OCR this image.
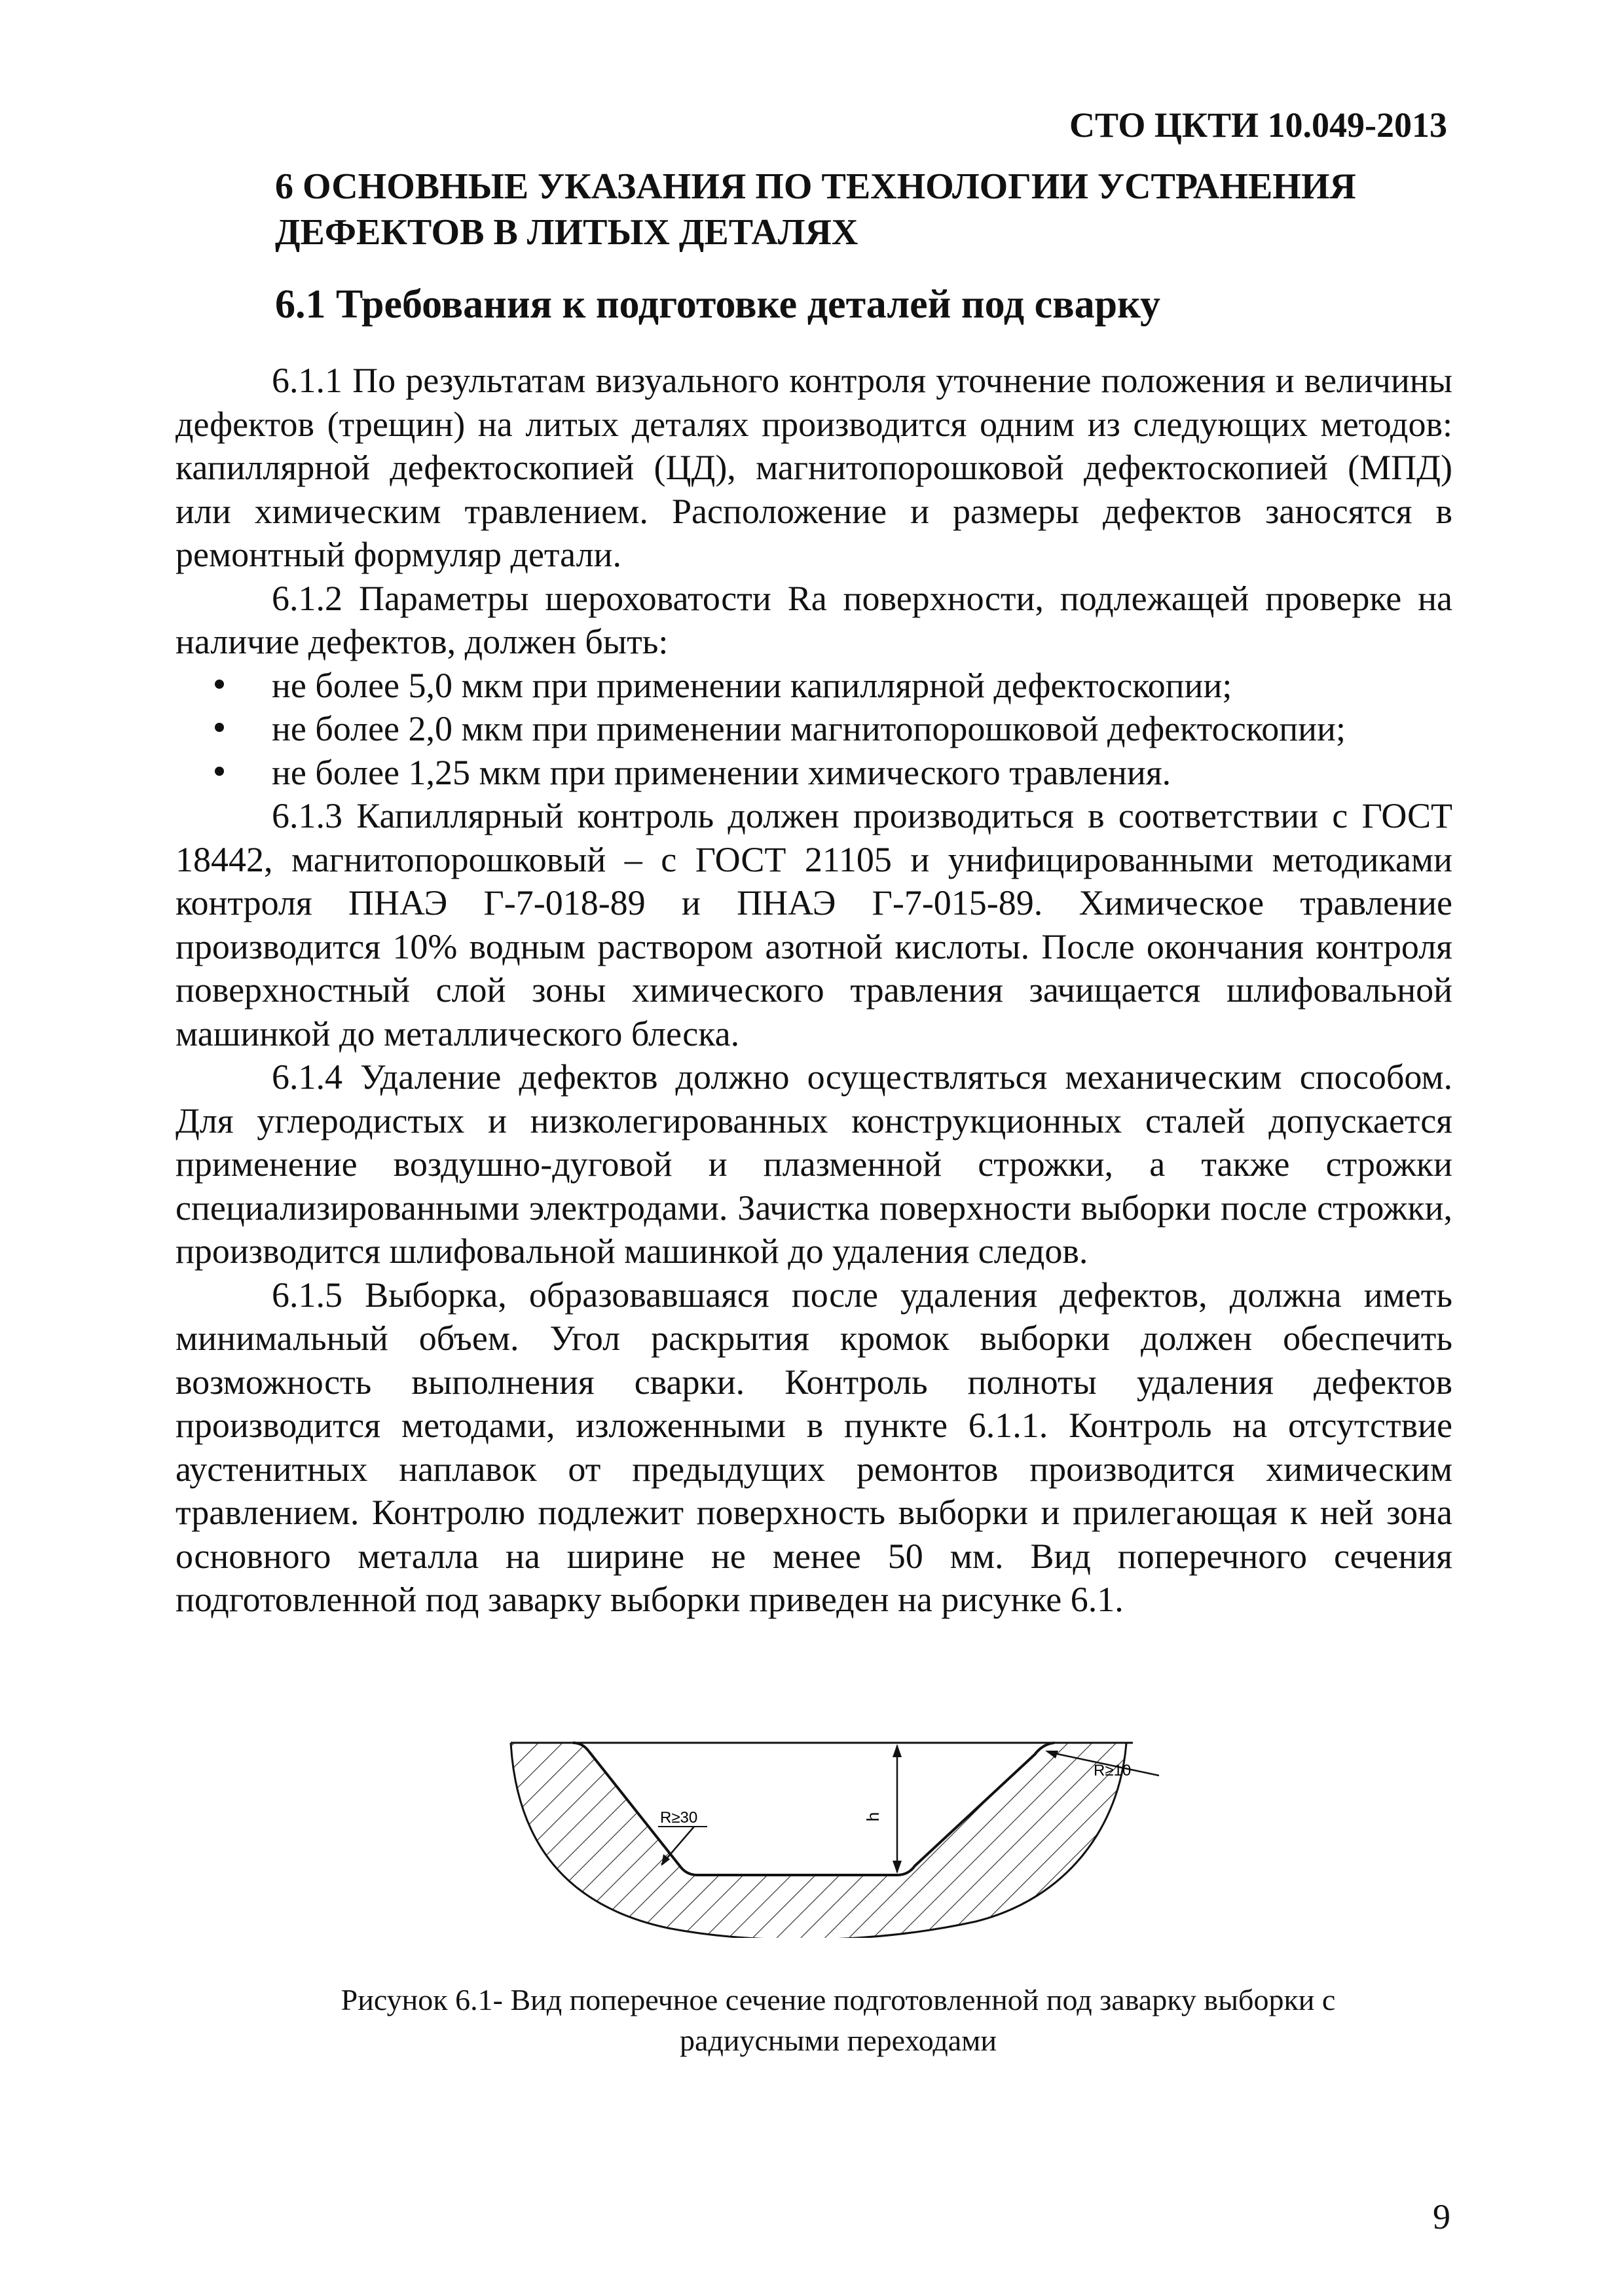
СТО ЦКТИ 10.049-2013
6 ОСНОВНЫЕ УКАЗАНИЯ ПО ТЕХНОЛОГИИ УСТРАНЕНИЯ
ДЕФЕКТОВ В ЛИТЫХ ДЕТАЛЯХ
6.1 Требования к подготовке деталей под сварку

6.1.1 По результатам визуального контроля уточнение положения и величины дефектов (трещин) на литых деталях производится одним из следующих методов: капиллярной дефектоскопией (ЦД), магнитопорошковой дефектоскопией (МПД) или химическим травлением. Расположение и размеры дефектов заносятся в ремонтный формуляр детали.

6.1.2 Параметры шероховатости Ra поверхности, подлежащей проверке на наличие дефектов, должен быть:

не более 5,0 мкм при применении капиллярной дефектоскопии;
не более 2,0 мкм при применении магнитопорошковой дефектоскопии;
не более 1,25 мкм при применении химического травления.

6.1.3 Капиллярный контроль должен производиться в соответствии с ГОСТ 18442, магнитопорошковый – с ГОСТ 21105 и унифицированными методиками контроля ПНАЭ Г-7-018-89 и ПНАЭ Г-7-015-89. Химическое травление производится 10% водным раствором азотной кислоты. После окончания контроля поверхностный слой зоны химического травления зачищается шлифовальной машинкой до металлического блеска.

6.1.4 Удаление дефектов должно осуществляться механическим способом. Для углеродистых и низколегированных конструкционных сталей допускается применение воздушно-дуговой и плазменной строжки, а также строжки специализированными электродами. Зачистка поверхности выборки после строжки, производится шлифовальной машинкой до удаления следов.

6.1.5 Выборка, образовавшаяся после удаления дефектов, должна иметь минимальный объем. Угол раскрытия кромок выборки должен обеспечить возможность выполнения сварки. Контроль полноты удаления дефектов производится методами, изложенными в пункте 6.1.1. Контроль на отсутствие аустенитных наплавок от предыдущих ремонтов производится химическим травлением. Контролю подлежит поверхность выборки и прилегающая к ней зона основного металла на ширине не менее 50 мм. Вид поперечного сечения подготовленной под заварку выборки приведен на рисунке 6.1.

h
R≥30
R≥10
Рисунок 6.1- Вид поперечное сечение подготовленной под заварку выборки с
радиусными переходами
9
